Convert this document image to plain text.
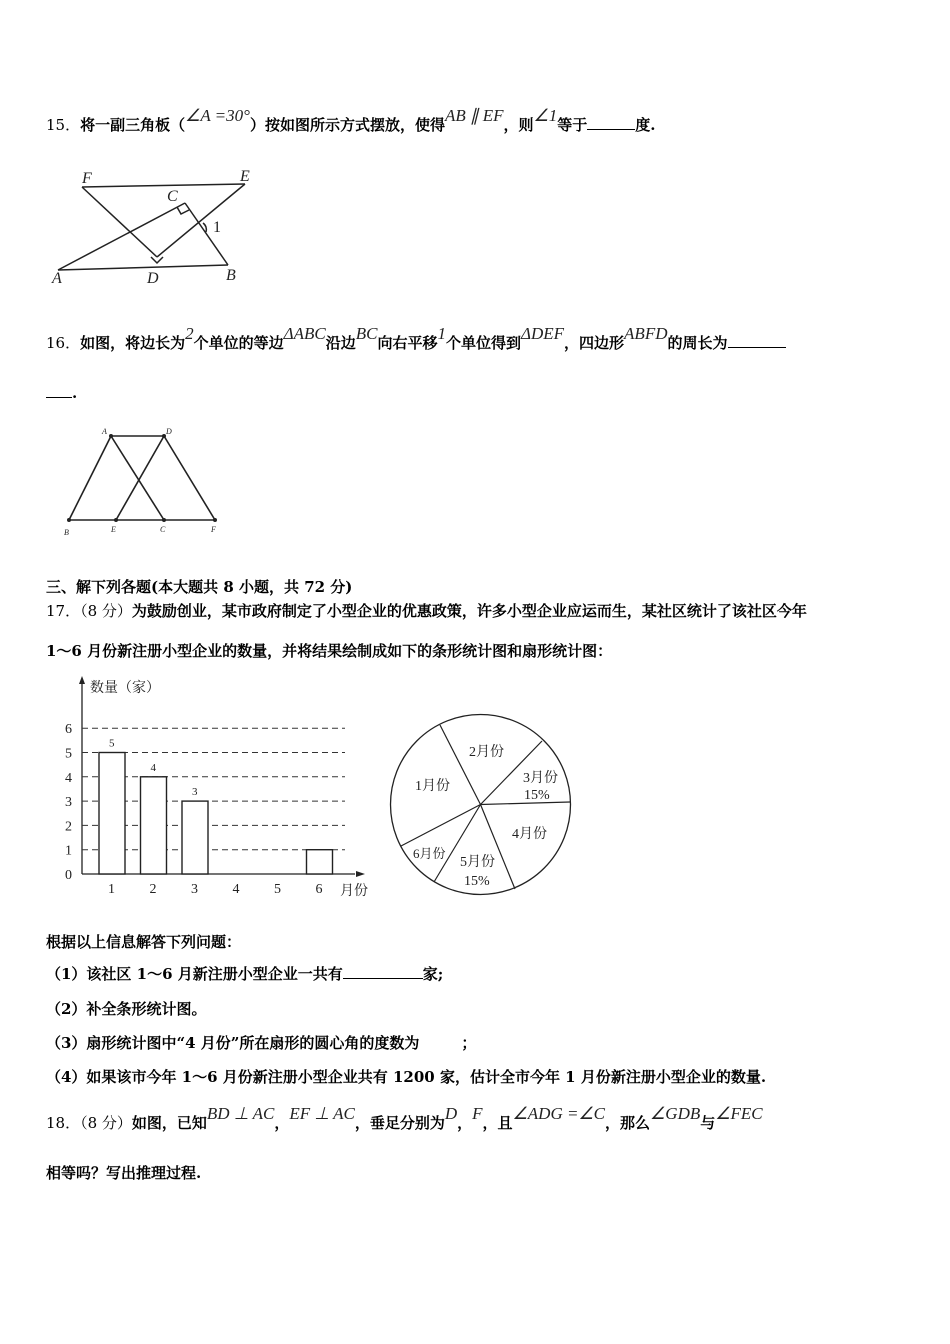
15．将一副三角板（∠A =30°）按如图所示方式摆放，使得AB ∥ EF，则∠1等于	度.
F	E
C
1
A	D	B
16．如图，将边长为2个单位的等边ΔABC沿边BC向右平移1个单位得到ΔDEF，四边形ABFD的周长为
.
A	D
B	E	C	F
三、解下列各题(本大题共 8 小题，共 72 分)
17．（8 分）为鼓励创业，某市政府制定了小型企业的优惠政策，许多小型企业应运而生，某社区统计了该社区今年
1～6 月份新注册小型企业的数量，并将结果绘制成如下的条形统计图和扇形统计图：
数量（家）
月份
0
1
2
3
4
5
6
5
1
4
2
3
3 4 5 6
1月份
2月份
3月份
15%
4月份
5月份
15%
6月份
根据以上信息解答下列问题：
（1）该社区 1～6 月新注册小型企业一共有	家;
（2）补全条形统计图。
（3）扇形统计图中“4 月份”所在扇形的圆心角的度数为	；
（4）如果该市今年 1～6 月份新注册小型企业共有 1200 家，估计全市今年 1 月份新注册小型企业的数量.
18．（8 分）如图，已知BD ⊥ AC，EF ⊥ AC，垂足分别为D，F，且∠ADG =∠C，那么∠GDB与∠FEC
相等吗？写出推理过程.
